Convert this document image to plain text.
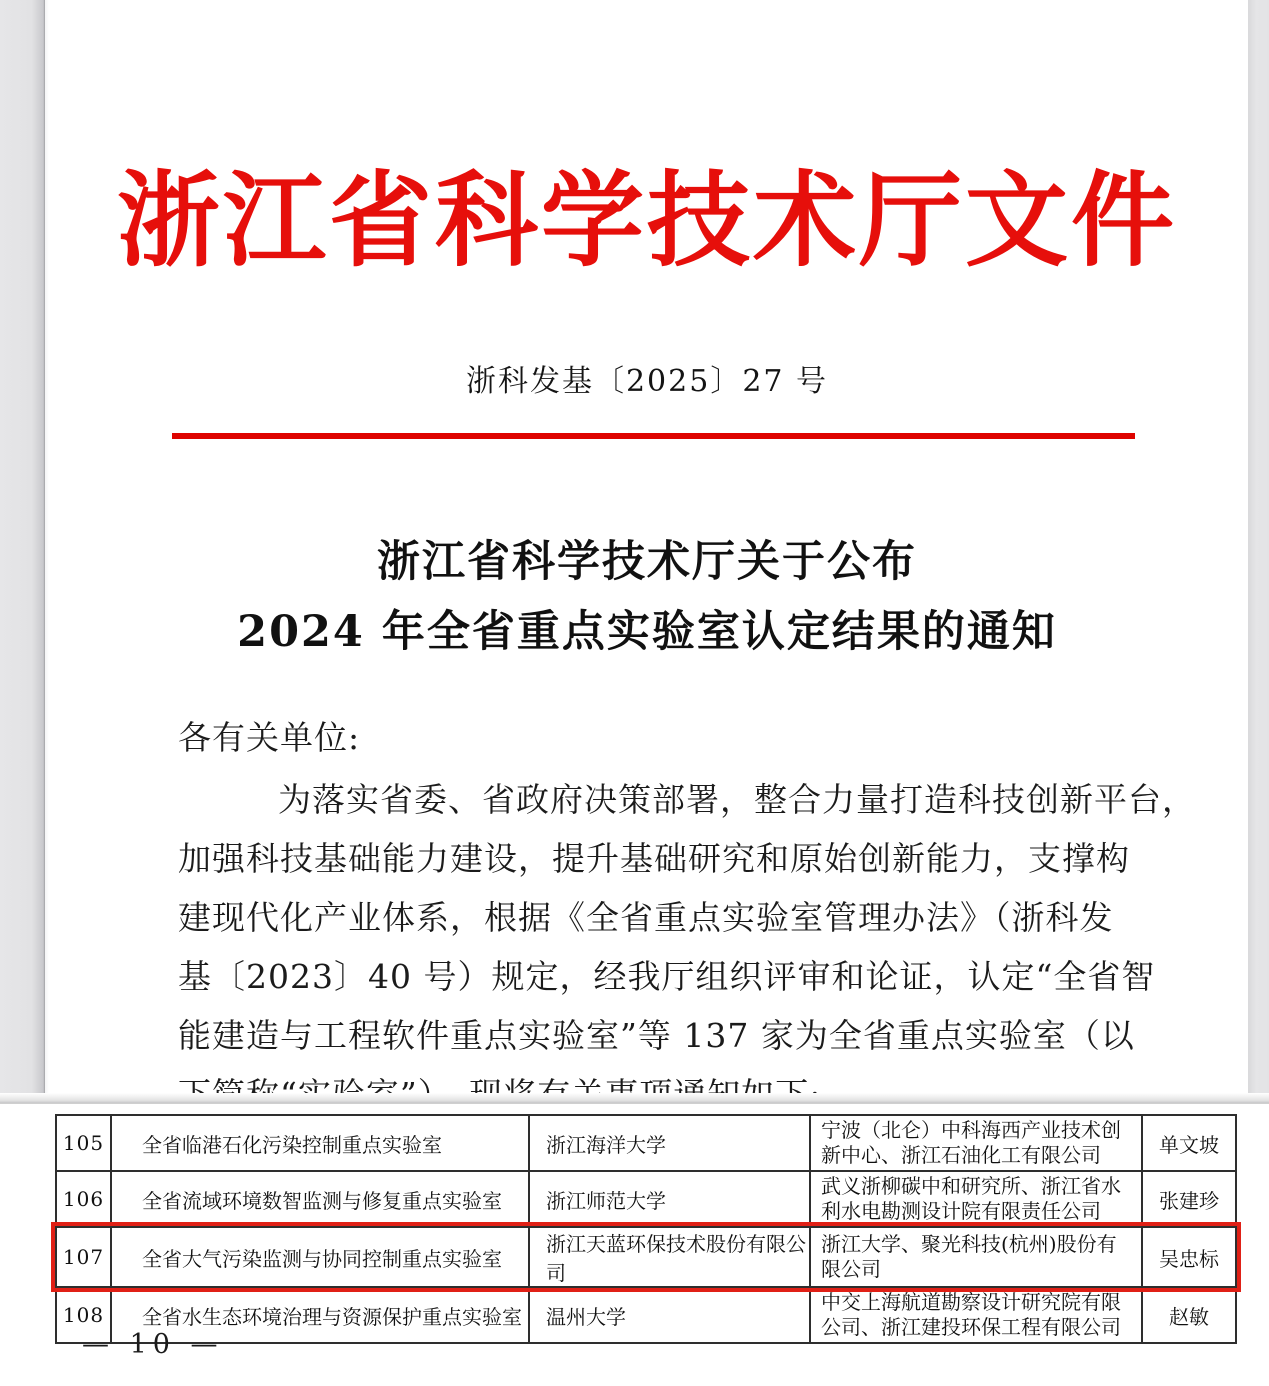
浙江省科学技术厅文件
浙科发基〔2025〕27 号
浙江省科学技术厅关于公布
2024 年全省重点实验室认定结果的通知
各有关单位:
为落实省委、省政府决策部署，整合力量打造科技创新平台，
加强科技基础能力建设，提升基础研究和原始创新能力，支撑构
建现代化产业体系，根据《全省重点实验室管理办法》（浙科发
基〔2023〕40 号）规定，经我厅组织评审和论证，认定“全省智
能建造与工程软件重点实验室”等 137 家为全省重点实验室（以
105	全省临港石化污染控制重点实验室	浙江海洋大学	宁波（北仑）中科海西产业技术创新中心、浙江石油化工有限公司	单文坡
106	全省流域环境数智监测与修复重点实验室	浙江师范大学	武义浙柳碳中和研究所、浙江省水利水电勘测设计院有限责任公司	张建珍
107	全省大气污染监测与协同控制重点实验室	浙江天蓝环保技术股份有限公司	浙江大学、聚光科技(杭州)股份有限公司	吴忠标
108	全省水生态环境治理与资源保护重点实验室	温州大学	中交上海航道勘察设计研究院有限公司、浙江建投环保工程有限公司	赵敏
— 10 —
